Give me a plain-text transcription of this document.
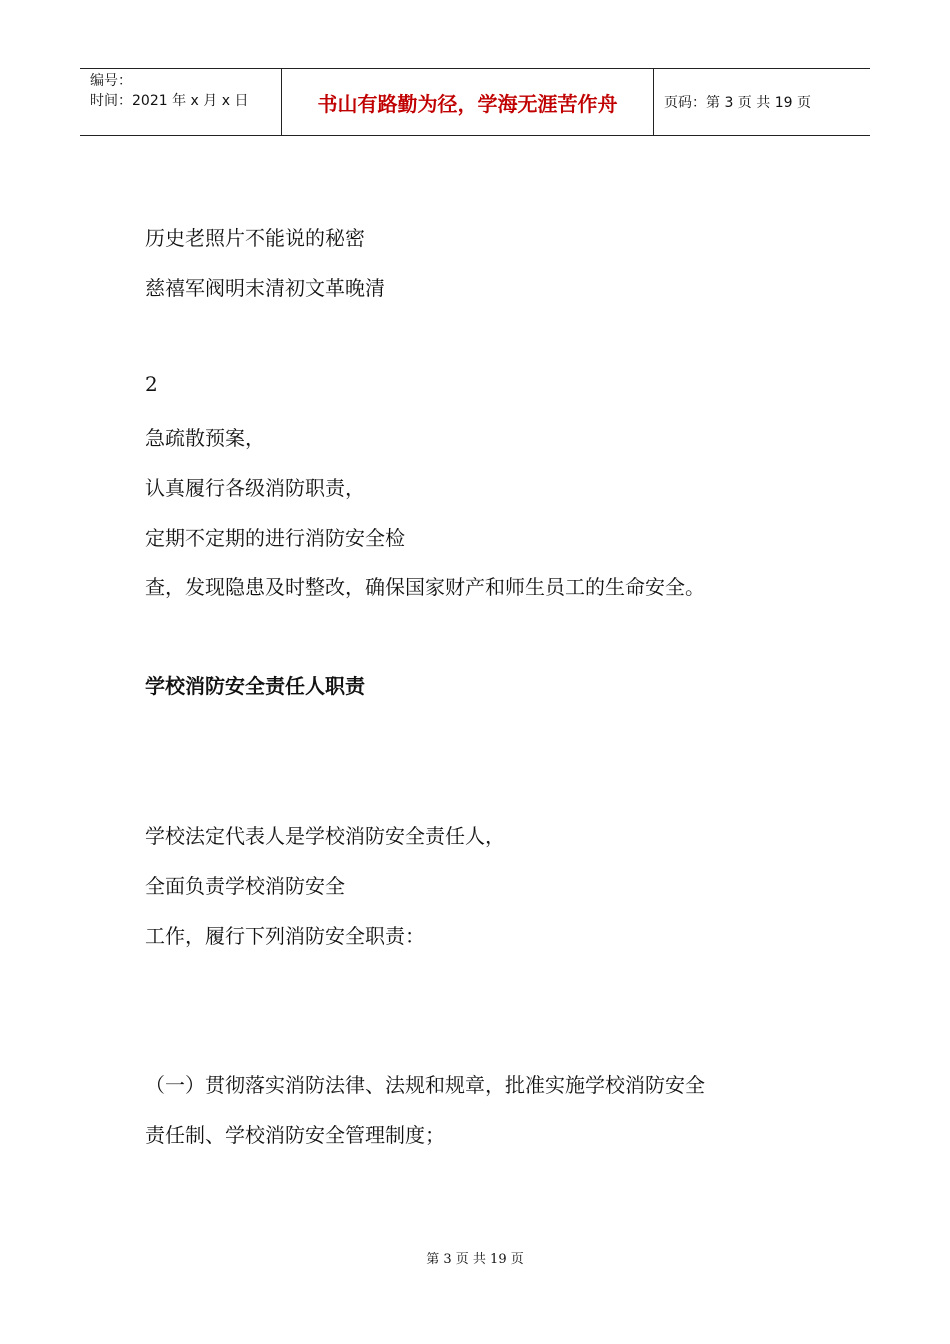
编号：
时间：2021 年 x 月 x 日	书山有路勤为径，学海无涯苦作舟	页码：第 3 页 共 19 页
历史老照片不能说的秘密
慈禧军阀明末清初文革晚清
2
急疏散预案，
认真履行各级消防职责，
定期不定期的进行消防安全检
查，发现隐患及时整改，确保国家财产和师生员工的生命安全。
学校消防安全责任人职责
学校法定代表人是学校消防安全责任人，
全面负责学校消防安全
工作，履行下列消防安全职责：
（一）贯彻落实消防法律、法规和规章，批准实施学校消防安全
责任制、学校消防安全管理制度；
第 3 页 共 19 页
